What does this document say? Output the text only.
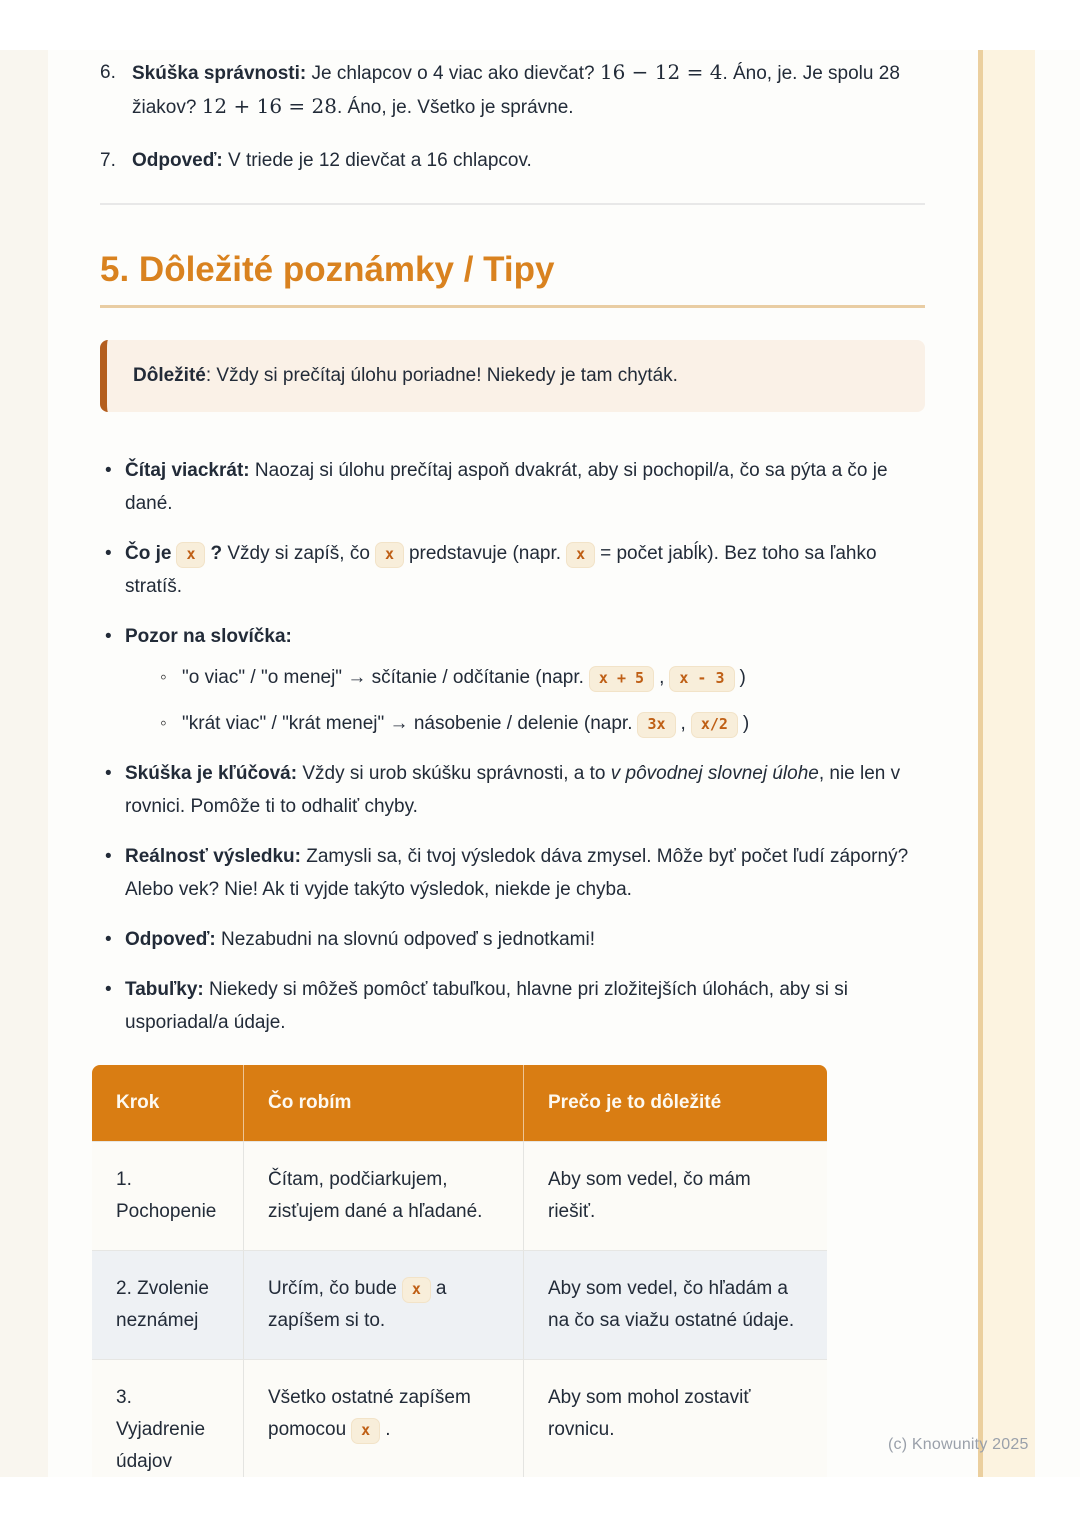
6. Skúška správnosti: Je chlapcov o 4 viac ako dievčat? 16 − 12 = 4. Áno, je. Je spolu 28 žiakov? 12 + 16 = 28. Áno, je. Všetko je správne.
7. Odpoveď: V triede je 12 dievčat a 16 chlapcov.
5. Dôležité poznámky / Tipy

Dôležité: Vždy si prečítaj úlohu poriadne! Niekedy je tam chyták.

• Čítaj viackrát: Naozaj si úlohu prečítaj aspoň dvakrát, aby si pochopil/a, čo sa pýta a čo je dané.
• Čo je x ? Vždy si zapíš, čo x predstavuje (napr. x = počet jabĺk). Bez toho sa ľahko stratíš.
• Pozor na slovíčka:
◦ "o viac" / "o menej" → sčítanie / odčítanie (napr. x + 5 , x - 3 )
◦ "krát viac" / "krát menej" → násobenie / delenie (napr. 3x , x/2 )
• Skúška je kľúčová: Vždy si urob skúšku správnosti, a to v pôvodnej slovnej úlohe, nie len v rovnici. Pomôže ti to odhaliť chyby.
• Reálnosť výsledku: Zamysli sa, či tvoj výsledok dáva zmysel. Môže byť počet ľudí záporný? Alebo vek? Nie! Ak ti vyjde takýto výsledok, niekde je chyba.
• Odpoveď: Nezabudni na slovnú odpoveď s jednotkami!
• Tabuľky: Niekedy si môžeš pomôcť tabuľkou, hlavne pri zložitejších úlohách, aby si si usporiadal/a údaje.
Krok	Čo robím	Prečo je to dôležité
1. Pochopenie	Čítam, podčiarkujem, zisťujem dané a hľadané.	Aby som vedel, čo mám riešiť.
2. Zvolenie neznámej	Určím, čo bude x a zapíšem si to.	Aby som vedel, čo hľadám a na čo sa viažu ostatné údaje.
3. Vyjadrenie údajov	Všetko ostatné zapíšem pomocou x .	Aby som mohol zostaviť rovnicu.

(c) Knowunity 2025
